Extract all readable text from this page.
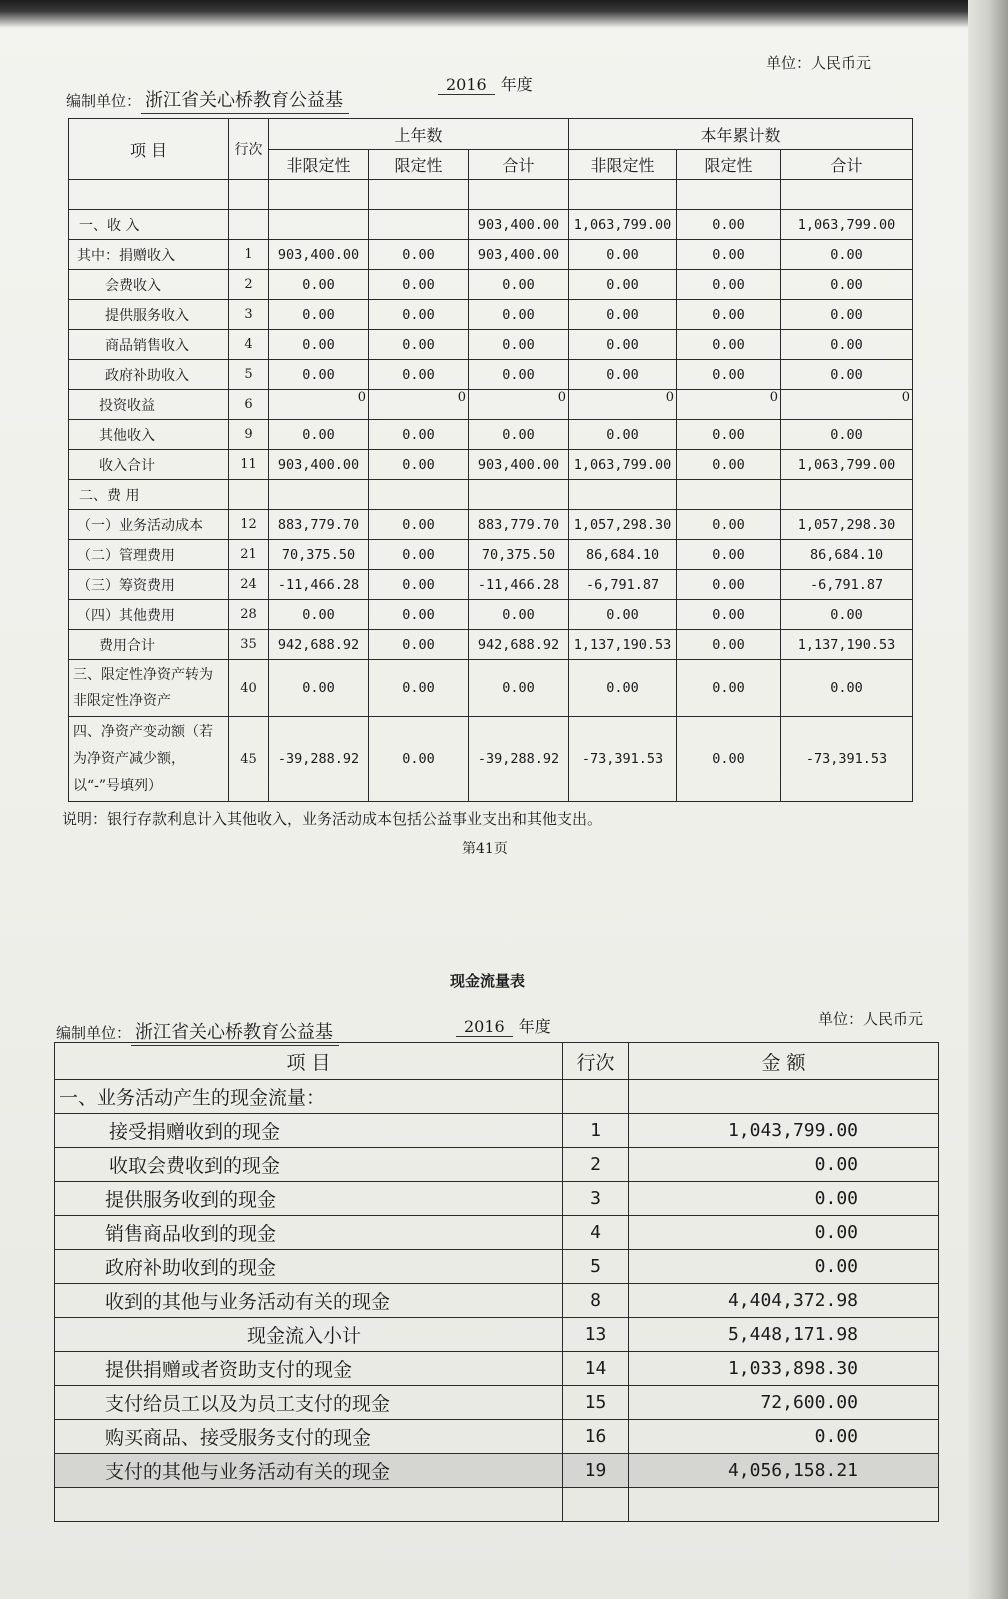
单位：人民币元
编制单位： 浙江省关心桥教育公益基
2016 年度
项 目	行次	上年数			本年累计数		
		非限定性	限定性	合计	非限定性	限定性	合计

一、收 入				903,400.00	1,063,799.00	0.00	1,063,799.00
其中：捐赠收入	1	903,400.00	0.00	903,400.00	0.00	0.00	0.00
会费收入	2	0.00	0.00	0.00	0.00	0.00	0.00
提供服务收入	3	0.00	0.00	0.00	0.00	0.00	0.00
商品销售收入	4	0.00	0.00	0.00	0.00	0.00	0.00
政府补助收入	5	0.00	0.00	0.00	0.00	0.00	0.00
投资收益	6	0	0	0	0	0	0
其他收入	9	0.00	0.00	0.00	0.00	0.00	0.00
收入合计	11	903,400.00	0.00	903,400.00	1,063,799.00	0.00	1,063,799.00
二、费 用							
（一）业务活动成本	12	883,779.70	0.00	883,779.70	1,057,298.30	0.00	1,057,298.30
（二）管理费用	21	70,375.50	0.00	70,375.50	86,684.10	0.00	86,684.10
（三）筹资费用	24	-11,466.28	0.00	-11,466.28	-6,791.87	0.00	-6,791.87
（四）其他费用	28	0.00	0.00	0.00	0.00	0.00	0.00
费用合计	35	942,688.92	0.00	942,688.92	1,137,190.53	0.00	1,137,190.53
三、限定性净资产转为非限定性净资产	40	0.00	0.00	0.00	0.00	0.00	0.00
四、净资产变动额（若为净资产减少额，以“-”号填列）	45	-39,288.92	0.00	-39,288.92	-73,391.53	0.00	-73,391.53
说明：银行存款利息计入其他收入，业务活动成本包括公益事业支出和其他支出。
第41页
现金流量表
编制单位： 浙江省关心桥教育公益基	2016 年度	单位：人民币元
项 目	行次	金 额
一、业务活动产生的现金流量：		
接受捐赠收到的现金	1	1,043,799.00
收取会费收到的现金	2	0.00
提供服务收到的现金	3	0.00
销售商品收到的现金	4	0.00
政府补助收到的现金	5	0.00
收到的其他与业务活动有关的现金	8	4,404,372.98
现金流入小计	13	5,448,171.98
提供捐赠或者资助支付的现金	14	1,033,898.30
支付给员工以及为员工支付的现金	15	72,600.00
购买商品、接受服务支付的现金	16	0.00
支付的其他与业务活动有关的现金	19	4,056,158.21
